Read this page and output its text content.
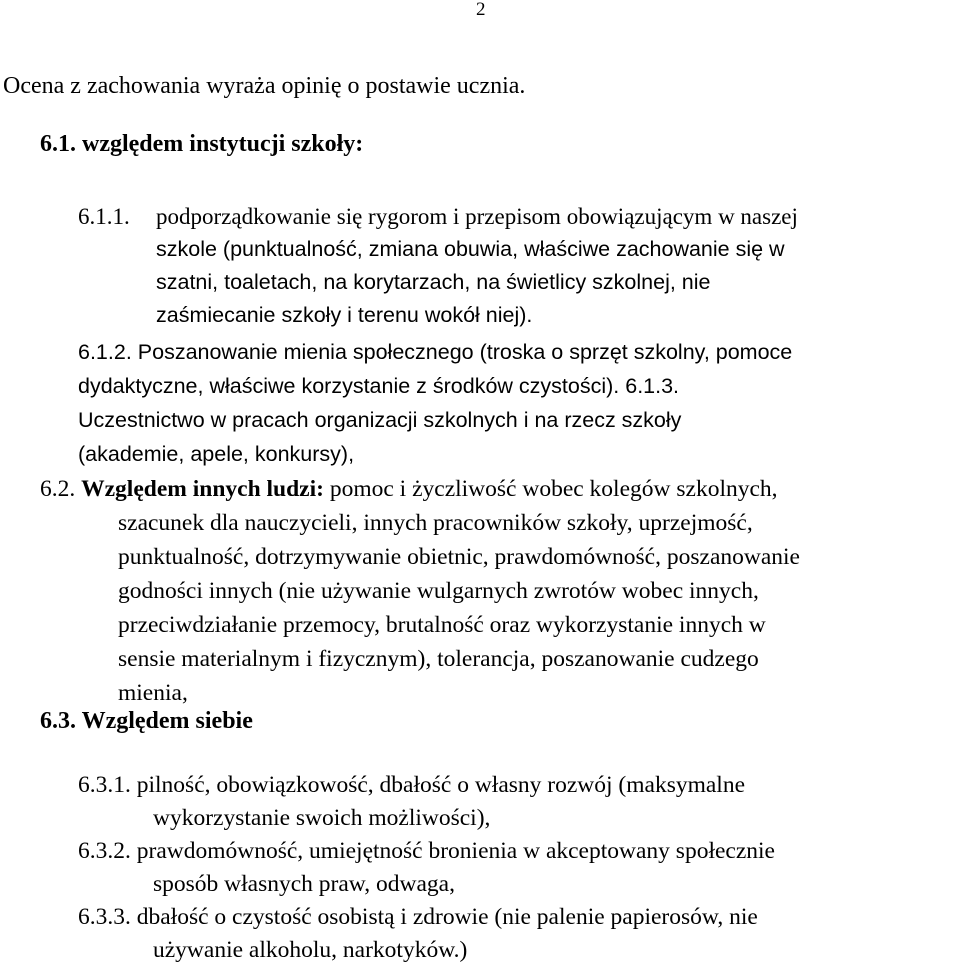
2
Ocena z zachowania wyraża opinię o postawie ucznia.
6.1. względem instytucji szkoły:
6.1.1. podporządkowanie się rygorom i przepisom obowiązującym w naszej
szkole (punktualność, zmiana obuwia, właściwe zachowanie się w
szatni, toaletach, na korytarzach, na świetlicy szkolnej, nie
zaśmiecanie szkoły i terenu wokół niej).
6.1.2. Poszanowanie mienia społecznego (troska o sprzęt szkolny, pomoce
dydaktyczne, właściwe korzystanie z środków czystości). 6.1.3.
Uczestnictwo w pracach organizacji szkolnych i na rzecz szkoły
(akademie, apele, konkursy),
6.2. Względem innych ludzi: pomoc i życzliwość wobec kolegów szkolnych,
szacunek dla nauczycieli, innych pracowników szkoły, uprzejmość,
punktualność, dotrzymywanie obietnic, prawdomówność, poszanowanie
godności innych (nie używanie wulgarnych zwrotów wobec innych,
przeciwdziałanie przemocy, brutalność oraz wykorzystanie innych w
sensie materialnym i fizycznym), tolerancja, poszanowanie cudzego
mienia,
6.3. Względem siebie
6.3.1. pilność, obowiązkowość, dbałość o własny rozwój (maksymalne
wykorzystanie swoich możliwości),
6.3.2. prawdomówność, umiejętność bronienia w akceptowany społecznie
sposób własnych praw, odwaga,
6.3.3. dbałość o czystość osobistą i zdrowie (nie palenie papierosów, nie
używanie alkoholu, narkotyków.)
